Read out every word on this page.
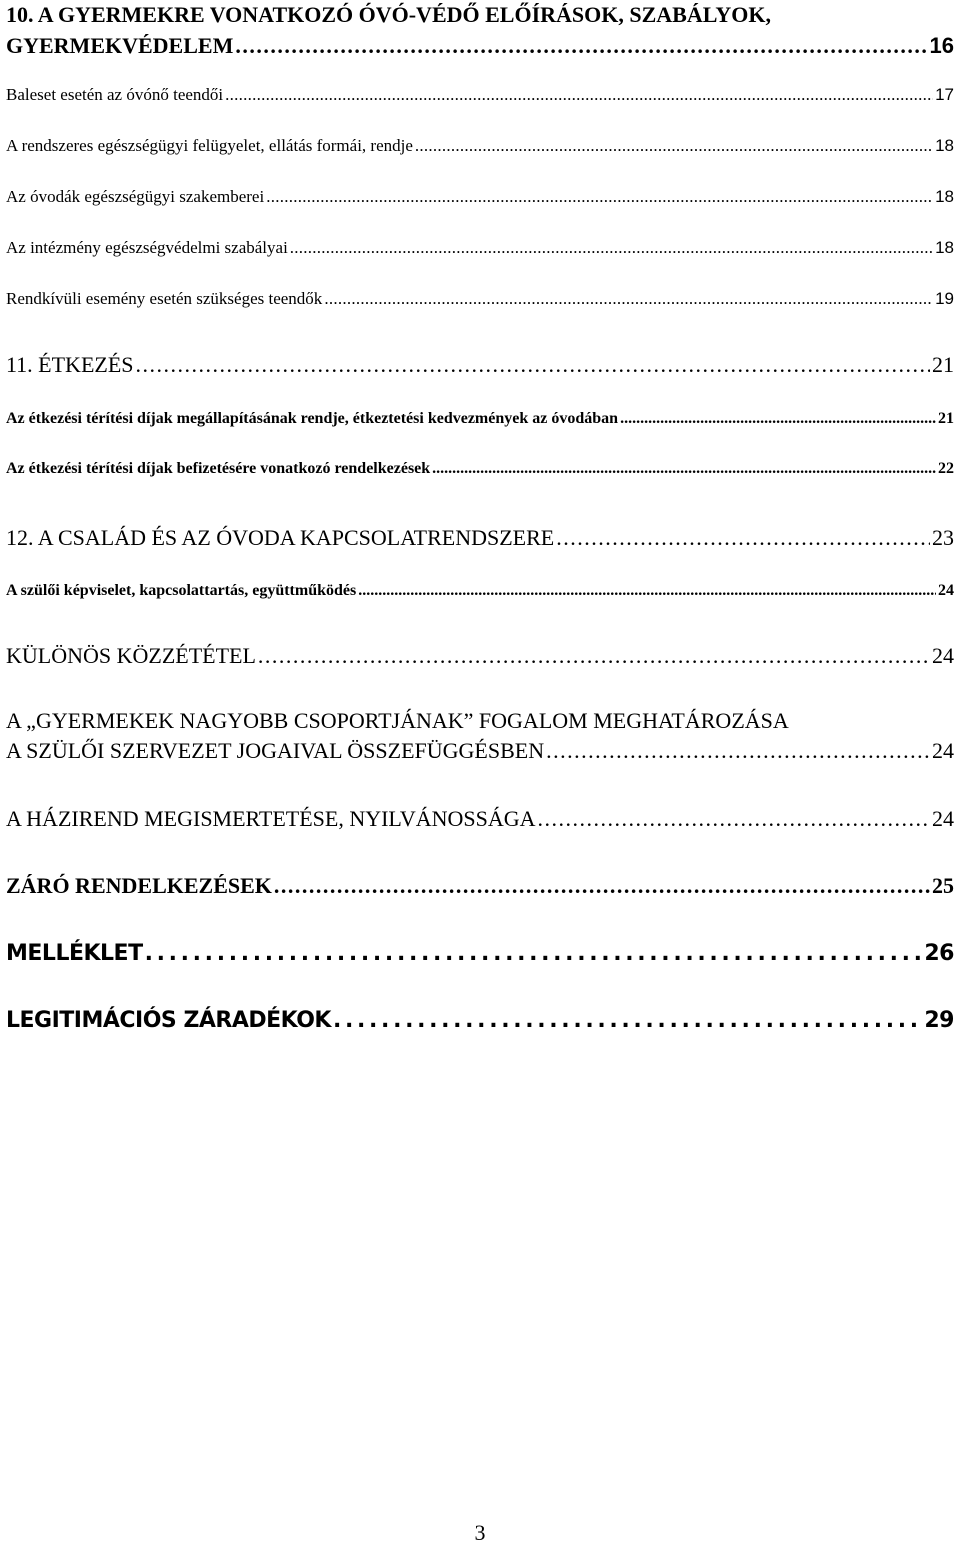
10. A GYERMEKRE VONATKOZÓ ÓVÓ-VÉDŐ ELŐÍRÁSOK, SZABÁLYOK,
GYERMEKVÉDELEM . . .	16
Baleset esetén az óvónő teendői . . .	17
A rendszeres egészségügyi felügyelet, ellátás formái, rendje . . .	18
Az óvodák egészségügyi szakemberei . . .	18
Az intézmény egészségvédelmi szabályai . . .	18
Rendkívüli esemény esetén szükséges teendők . . .	19
11. ÉTKEZÉS . . .	21
Az étkezési térítési díjak megállapításának rendje, étkeztetési kedvezmények az óvodában . . .	21
Az étkezési térítési díjak befizetésére vonatkozó rendelkezések . . .	22
12. A CSALÁD ÉS AZ ÓVODA KAPCSOLATRENDSZERE . . .	23
A szülői képviselet, kapcsolattartás, együttműködés . . .	24
KÜLÖNÖS KÖZZÉTÉTEL . . .	24
A „GYERMEKEK NAGYOBB CSOPORTJÁNAK” FOGALOM MEGHATÁROZÁSA
A SZÜLŐI SZERVEZET JOGAIVAL ÖSSZEFÜGGÉSBEN . . .	24
A HÁZIREND MEGISMERTETÉSE, NYILVÁNOSSÁGA . . .	24
ZÁRÓ RENDELKEZÉSEK . . .	25
MELLÉKLET . . .	26
LEGITIMÁCIÓS ZÁRADÉKOK . . .	29
3
